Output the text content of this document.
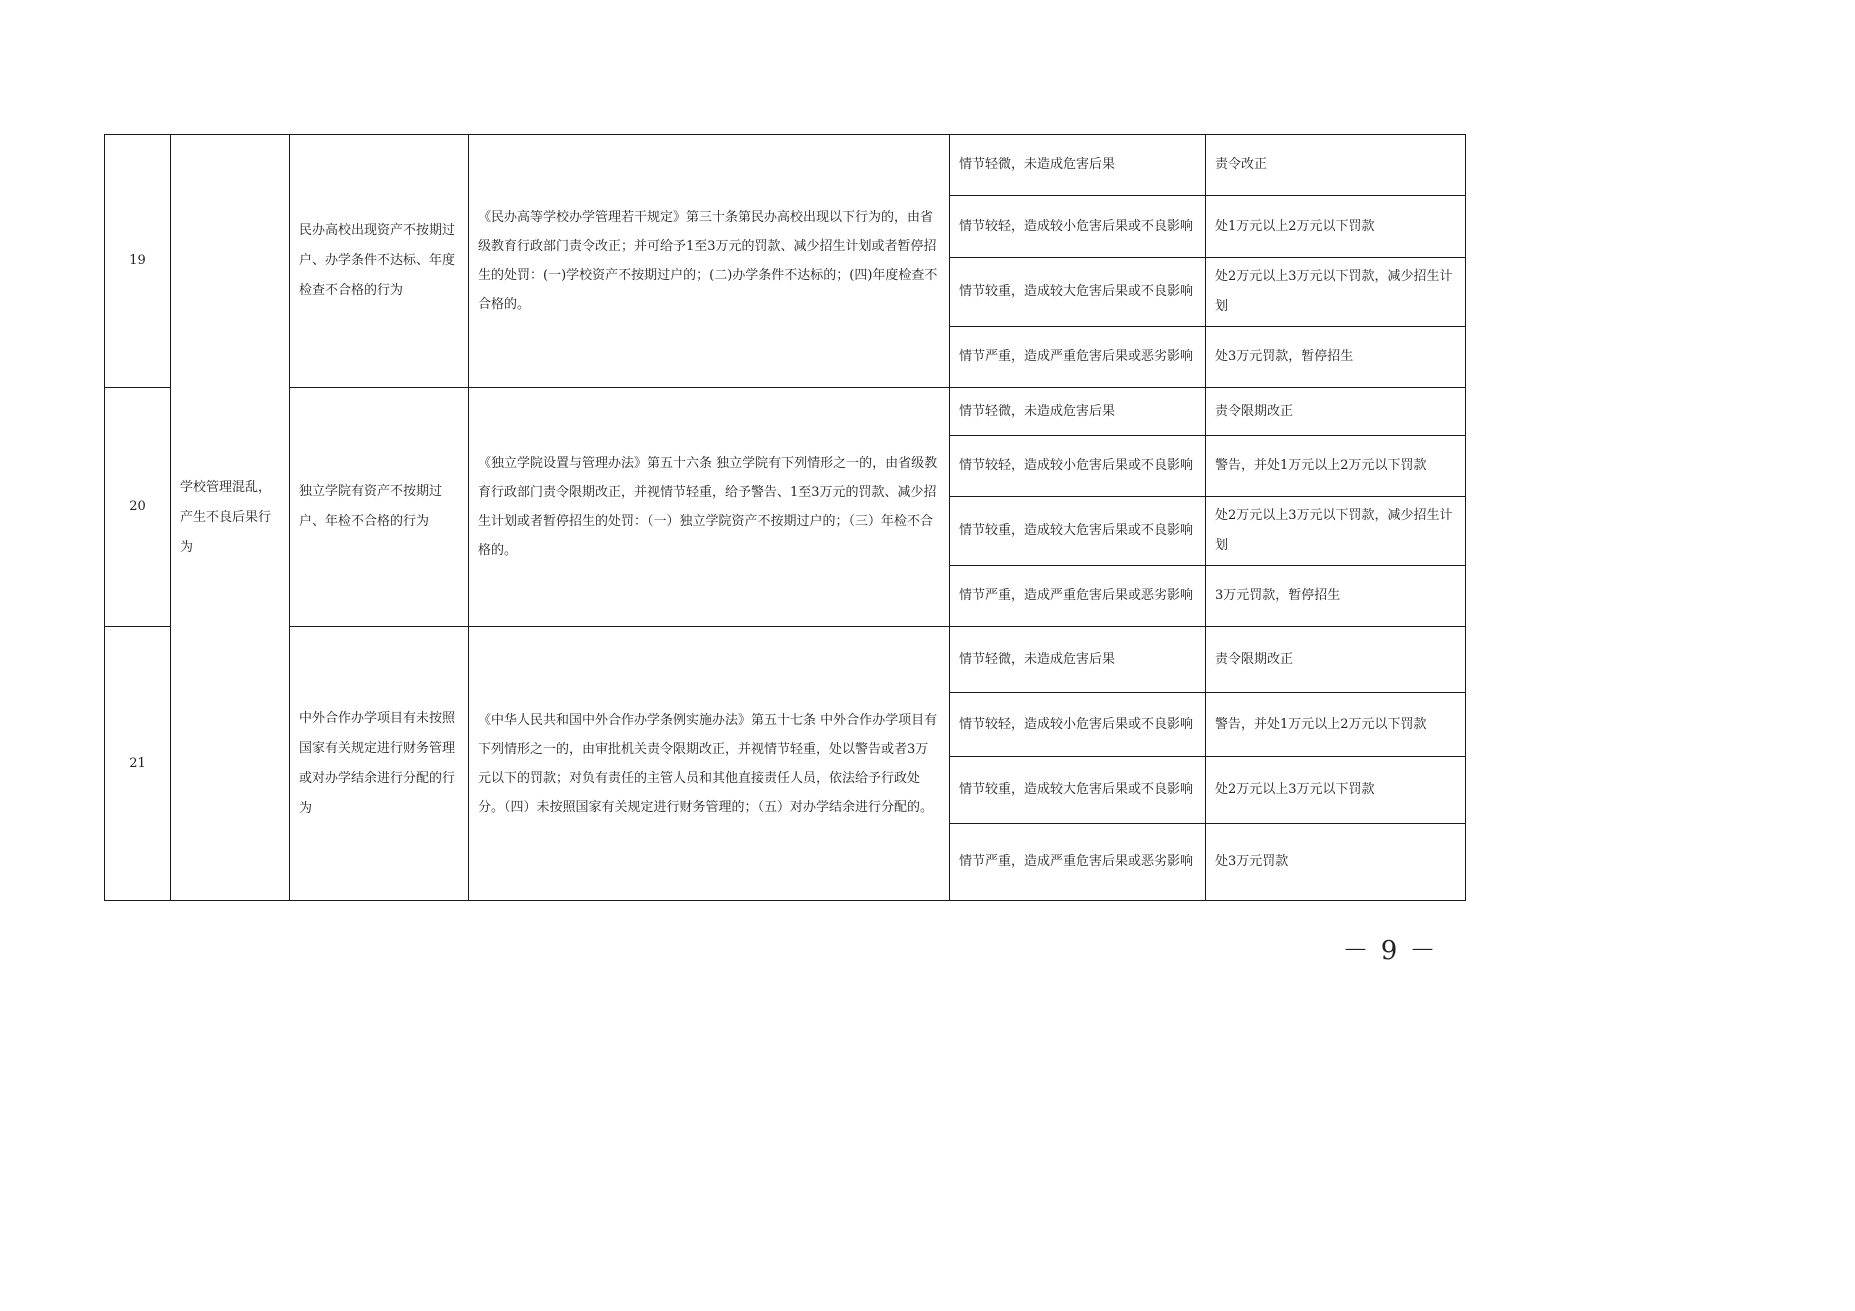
19	学校管理混乱，产生不良后果行为	民办高校出现资产不按期过户、办学条件不达标、年度检查不合格的行为	《民办高等学校办学管理若干规定》第三十条第民办高校出现以下行为的，由省级教育行政部门责令改正；并可给予1至3万元的罚款、减少招生计划或者暂停招生的处罚：(一)学校资产不按期过户的；(二)办学条件不达标的；(四)年度检查不合格的。	情节轻微，未造成危害后果	责令改正
				情节较轻，造成较小危害后果或不良影响	处1万元以上2万元以下罚款
				情节较重，造成较大危害后果或不良影响	处2万元以上3万元以下罚款，减少招生计划
				情节严重，造成严重危害后果或恶劣影响	处3万元罚款，暂停招生
20		独立学院有资产不按期过户、年检不合格的行为	《独立学院设置与管理办法》第五十六条 独立学院有下列情形之一的，由省级教育行政部门责令限期改正，并视情节轻重，给予警告、1至3万元的罚款、减少招生计划或者暂停招生的处罚：（一）独立学院资产不按期过户的；（三）年检不合格的。	情节轻微，未造成危害后果	责令限期改正
				情节较轻，造成较小危害后果或不良影响	警告，并处1万元以上2万元以下罚款
				情节较重，造成较大危害后果或不良影响	处2万元以上3万元以下罚款，减少招生计划
				情节严重，造成严重危害后果或恶劣影响	3万元罚款，暂停招生
21		中外合作办学项目有未按照国家有关规定进行财务管理或对办学结余进行分配的行为	《中华人民共和国中外合作办学条例实施办法》第五十七条 中外合作办学项目有下列情形之一的，由审批机关责令限期改正，并视情节轻重，处以警告或者3万元以下的罚款；对负有责任的主管人员和其他直接责任人员，依法给予行政处分。（四）未按照国家有关规定进行财务管理的；（五）对办学结余进行分配的。	情节轻微，未造成危害后果	责令限期改正
				情节较轻，造成较小危害后果或不良影响	警告，并处1万元以上2万元以下罚款
				情节较重，造成较大危害后果或不良影响	处2万元以上3万元以下罚款
				情节严重，造成严重危害后果或恶劣影响	处3万元罚款
－ 9 －
